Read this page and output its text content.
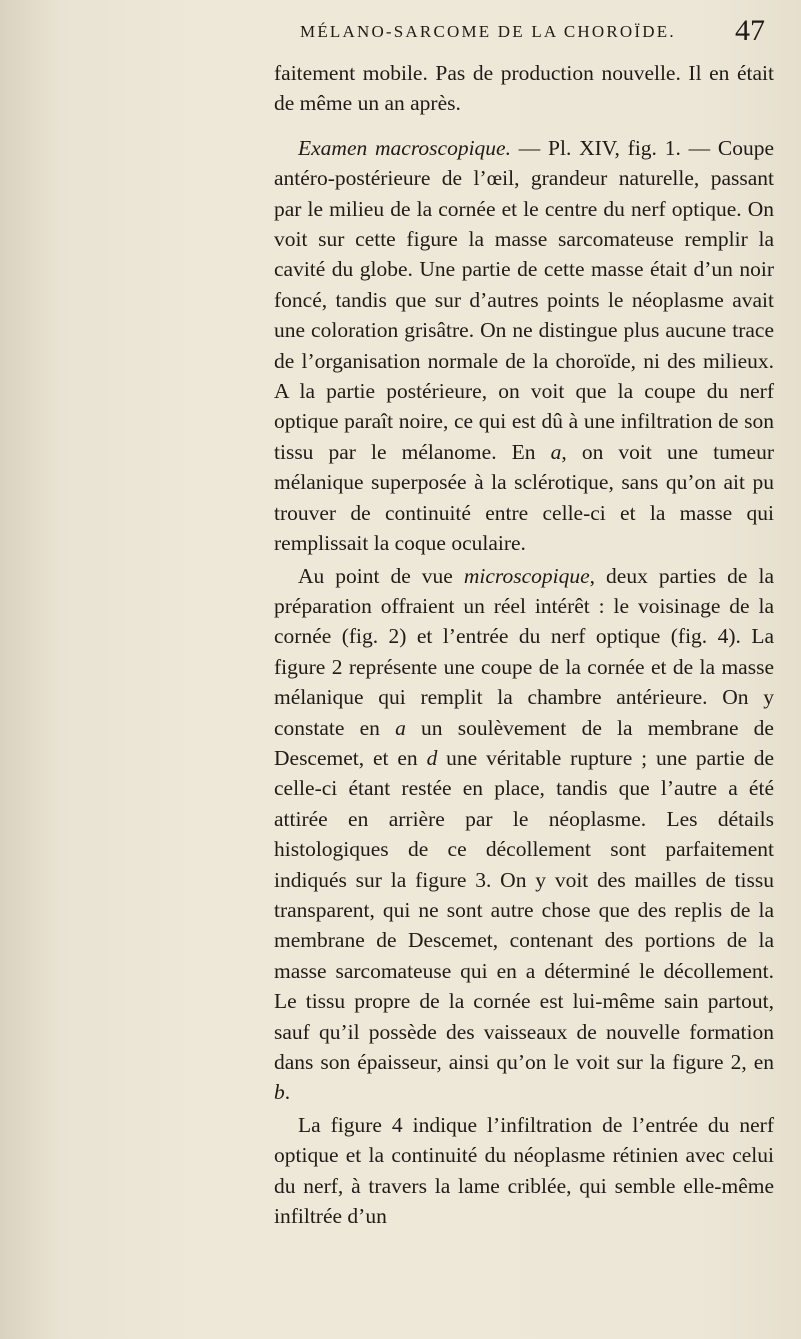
MÉLANO-SARCOME DE LA CHOROÏDE. 47

faitement mobile. Pas de production nouvelle. Il en était de même un an après.

Examen macroscopique. — Pl. XIV, fig. 1. — Coupe antéro-postérieure de l’œil, grandeur naturelle, passant par le milieu de la cornée et le centre du nerf optique. On voit sur cette figure la masse sarcomateuse remplir la cavité du globe. Une partie de cette masse était d’un noir foncé, tandis que sur d’autres points le néoplasme avait une coloration grisâtre. On ne distingue plus aucune trace de l’organisation normale de la choroïde, ni des milieux. A la partie postérieure, on voit que la coupe du nerf optique paraît noire, ce qui est dû à une infiltration de son tissu par le mélanome. En a, on voit une tumeur mélanique superposée à la sclérotique, sans qu’on ait pu trouver de continuité entre celle-ci et la masse qui remplissait la coque oculaire.

Au point de vue microscopique, deux parties de la préparation offraient un réel intérêt : le voisinage de la cornée (fig. 2) et l’entrée du nerf optique (fig. 4). La figure 2 représente une coupe de la cornée et de la masse mélanique qui remplit la chambre antérieure. On y constate en a un soulèvement de la membrane de Descemet, et en d une véritable rupture ; une partie de celle-ci étant restée en place, tandis que l’autre a été attirée en arrière par le néoplasme. Les détails histologiques de ce décollement sont parfaitement indiqués sur la figure 3. On y voit des mailles de tissu transparent, qui ne sont autre chose que des replis de la membrane de Descemet, contenant des portions de la masse sarcomateuse qui en a déterminé le décollement. Le tissu propre de la cornée est lui-même sain partout, sauf qu’il possède des vaisseaux de nouvelle formation dans son épaisseur, ainsi qu’on le voit sur la figure 2, en b.

La figure 4 indique l’infiltration de l’entrée du nerf optique et la continuité du néoplasme rétinien avec celui du nerf, à travers la lame criblée, qui semble elle-même infiltrée d’un
